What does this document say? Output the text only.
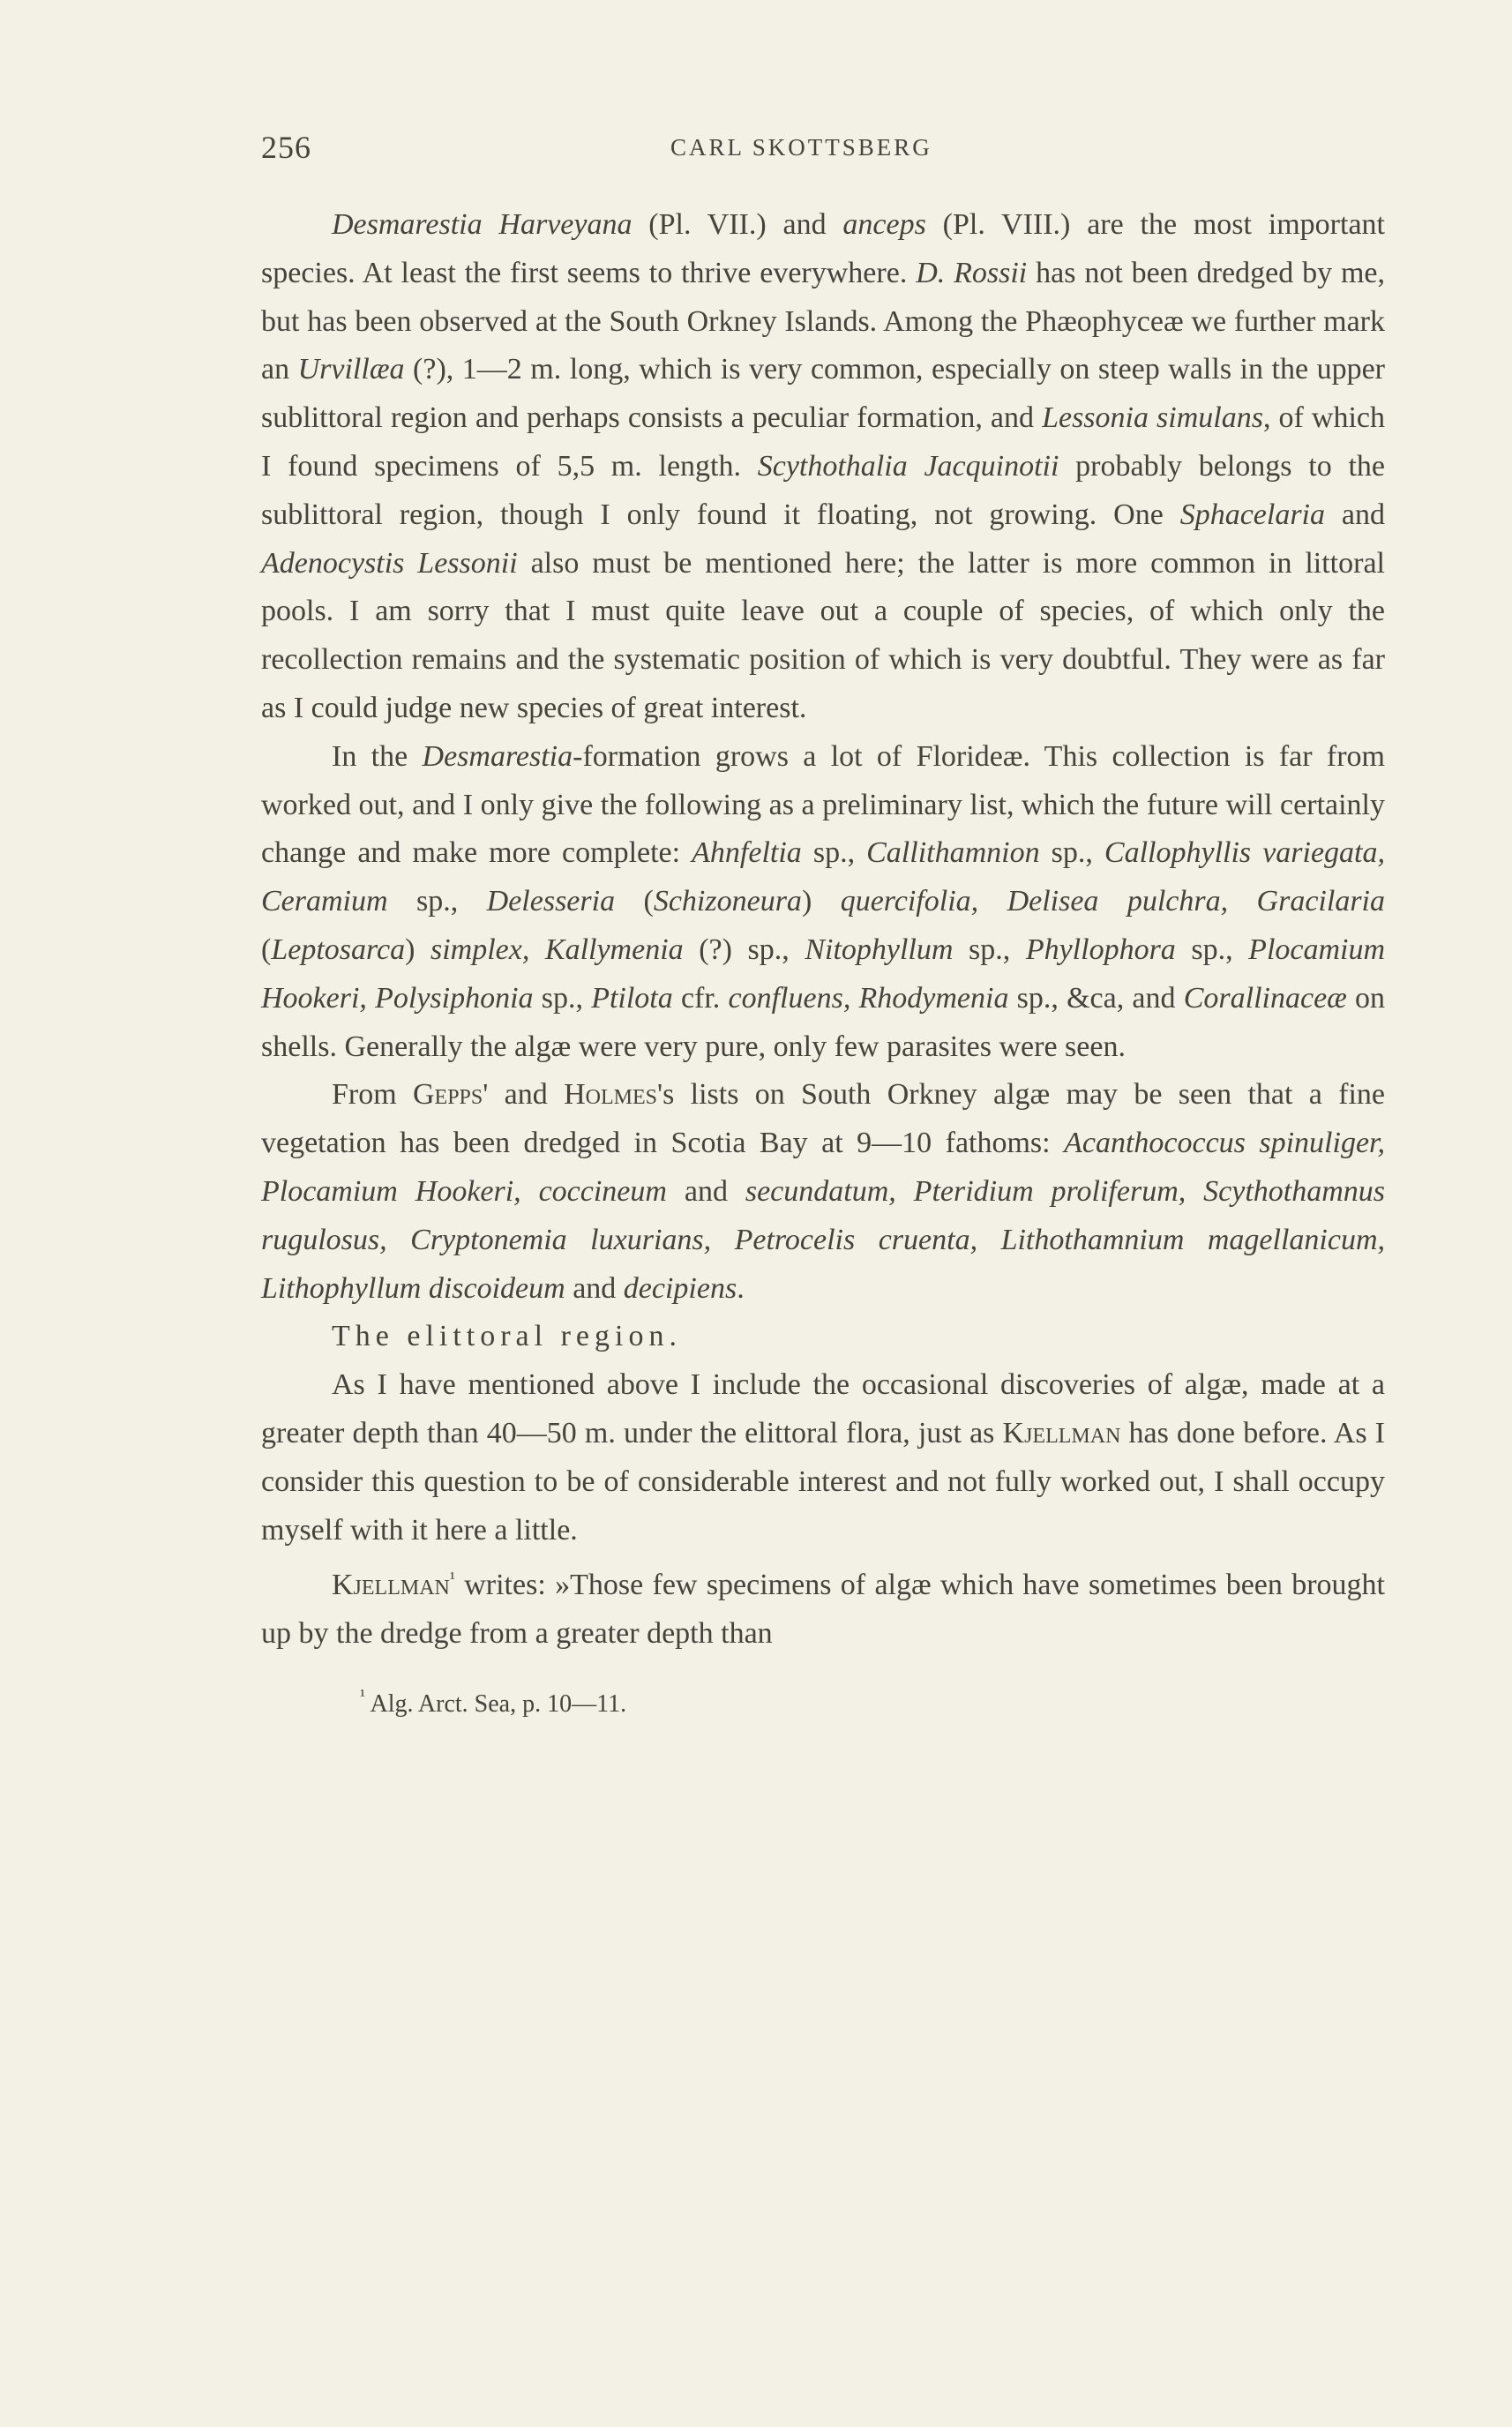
256	CARL SKOTTSBERG

Desmarestia Harveyana (Pl. VII.) and anceps (Pl. VIII.) are the most important species. At least the first seems to thrive everywhere. D. Rossii has not been dredged by me, but has been observed at the South Orkney Islands. Among the Phæophyceæ we further mark an Urvillæa (?), 1—2 m. long, which is very common, especially on steep walls in the upper sublittoral region and perhaps consists a peculiar formation, and Lessonia simulans, of which I found specimens of 5,5 m. length. Scythothalia Jacquinotii probably belongs to the sublittoral region, though I only found it floating, not growing. One Sphacelaria and Adenocystis Lessonii also must be mentioned here; the latter is more common in littoral pools. I am sorry that I must quite leave out a couple of species, of which only the recollection remains and the systematic position of which is very doubtful. They were as far as I could judge new species of great interest.

In the Desmarestia-formation grows a lot of Florideæ. This collection is far from worked out, and I only give the following as a preliminary list, which the future will certainly change and make more complete: Ahnfeltia sp., Callithamnion sp., Callophyllis variegata, Ceramium sp., Delesseria (Schizoneura) quercifolia, Delisea pulchra, Gracilaria (Leptosarca) simplex, Kallymenia (?) sp., Nitophyllum sp., Phyllophora sp., Plocamium Hookeri, Polysiphonia sp., Ptilota cfr. confluens, Rhodymenia sp., &ca, and Corallinaceæ on shells. Generally the algæ were very pure, only few parasites were seen.

From Gepps' and Holmes's lists on South Orkney algæ may be seen that a fine vegetation has been dredged in Scotia Bay at 9—10 fathoms: Acanthococcus spinuliger, Plocamium Hookeri, coccineum and secundatum, Pteridium proliferum, Scythothamnus rugulosus, Cryptonemia luxurians, Petrocelis cruenta, Lithothamnium magellanicum, Lithophyllum discoideum and decipiens.

The elittoral region.

As I have mentioned above I include the occasional discoveries of algæ, made at a greater depth than 40—50 m. under the elittoral flora, just as Kjellman has done before. As I consider this question to be of considerable interest and not fully worked out, I shall occupy myself with it here a little.

Kjellman$^{^1}$ writes: »Those few specimens of algæ which have sometimes been brought up by the dredge from a greater depth than

$^{^1}$ Alg. Arct. Sea, p. 10—11.
